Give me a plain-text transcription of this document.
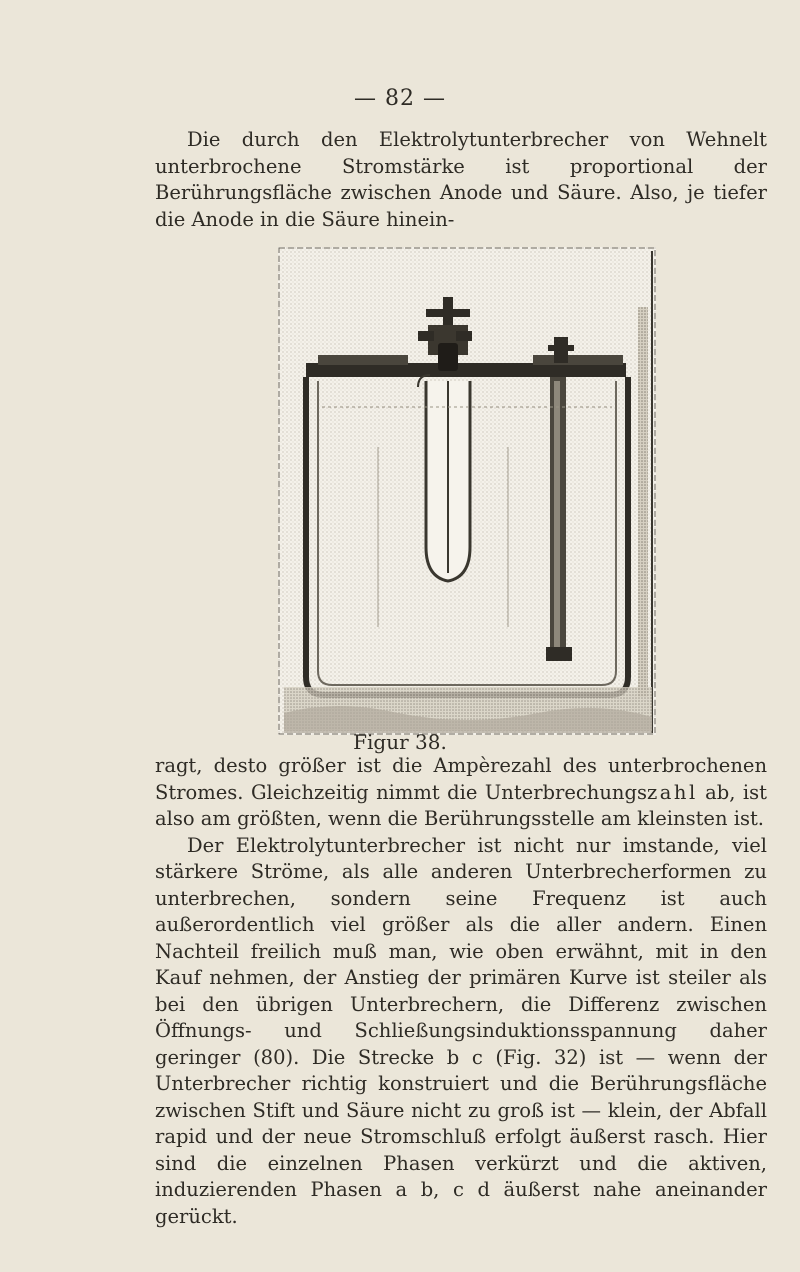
— 82 —

Die durch den Elektrolytunterbrecher von Wehnelt unterbrochene Stromstärke ist proportional der Berührungsfläche zwischen Anode und Säure. Also, je tiefer die Anode in die Säure hinein-

Figur 38.

ragt, desto größer ist die Ampèrezahl des unterbrochenen Stromes. Gleichzeitig nimmt die Unterbrechungszahl ab, ist also am größten, wenn die Berührungsstelle am kleinsten ist.
Der Elektrolytunterbrecher ist nicht nur imstande, viel stärkere Ströme, als alle anderen Unterbrecherformen zu unterbrechen, sondern seine Frequenz ist auch außerordentlich viel größer als die aller andern. Einen Nachteil freilich muß man, wie oben erwähnt, mit in den Kauf nehmen, der Anstieg der primären Kurve ist steiler als bei den übrigen Unterbrechern, die Differenz zwischen Öffnungs- und Schließungsinduktionsspannung daher geringer (80). Die Strecke b c (Fig. 32) ist — wenn der Unterbrecher richtig konstruiert und die Berührungsfläche zwischen Stift und Säure nicht zu groß ist — klein, der Abfall rapid und der neue Stromschluß erfolgt äußerst rasch. Hier sind die einzelnen Phasen verkürzt und die aktiven, induzierenden Phasen a b, c d äußerst nahe aneinander gerückt.
